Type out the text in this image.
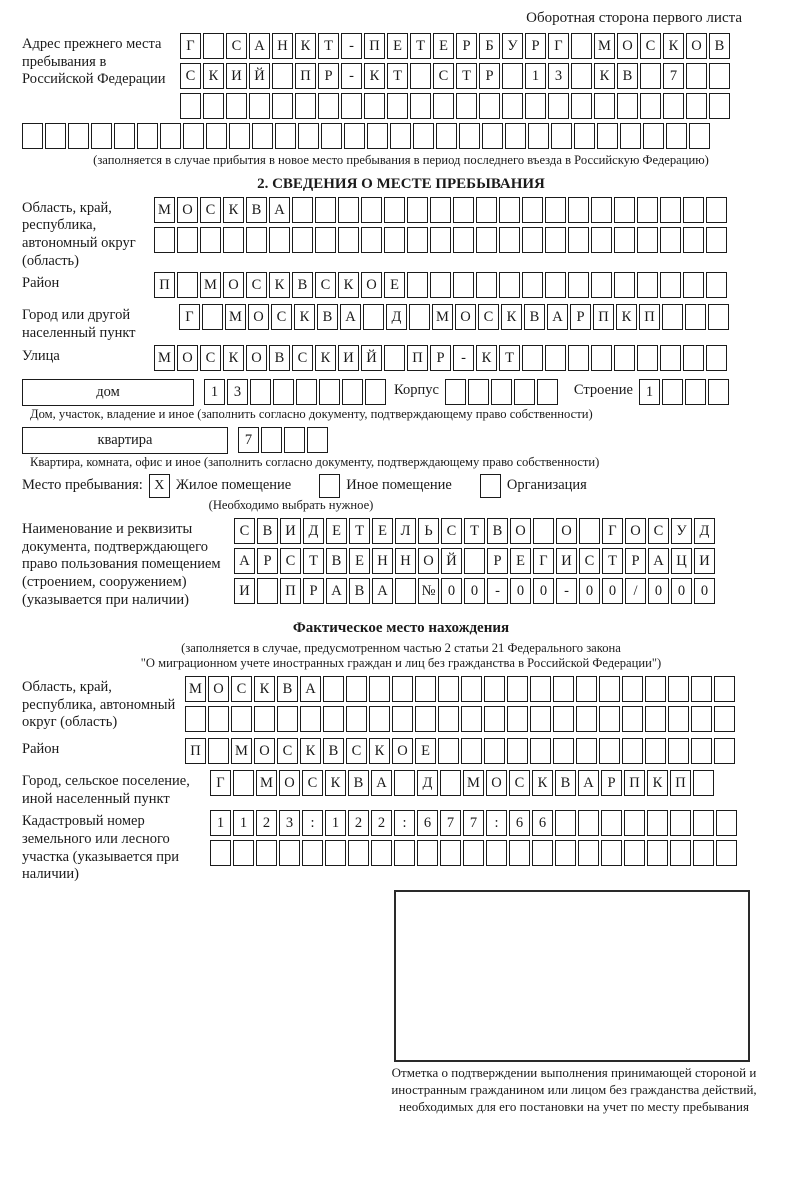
Оборотная сторона первого листа
Адрес прежнего места пребывания в Российской Федерации
Г	С А Н К Т - П Е Т Е Р Б У Р Г М О С К О В
С К И Й П Р - К Т	С Т Р	1 3	К В	7
(заполняется в случае прибытия в новое место пребывания в период последнего въезда в Российскую Федерацию)
2. СВЕДЕНИЯ О МЕСТЕ ПРЕБЫВАНИЯ
Область, край, республика, автономный округ (область)
М О С К В А
Район	П М О С К В С К О Е
Город или другой населенный пункт
Г М О С К В А Д М О С К В А Р П К П
Улица	М О С К О В С К И Й П Р - К Т
дом	1 3	Корпус	Строение 1
Дом, участок, владение и иное (заполнить согласно документу, подтверждающему право собственности)
квартира	7
Квартира, комната, офис и иное (заполнить согласно документу, подтверждающему право собственности)
Место пребывания: X Жилое помещение	Иное помещение	Организация
(Необходимо выбрать нужное)
Наименование и реквизиты документа, подтверждающего право пользования помещением (строением, сооружением) (указывается при наличии)
С В И Д Е Т Е Л Ь С Т В О О	Г О С У Д
А Р С Т В Е Н Н О Й	Р Е Г И С Т Р А Ц И
И П Р А В А № 0 0 - 0 0 - 0 0 / 0 0 0
Фактическое место нахождения
(заполняется в случае, предусмотренном частью 2 статьи 21 Федерального закона
"О миграционном учете иностранных граждан и лиц без гражданства в Российской Федерации")
Область, край, республика, автономный округ (область)
М О С К В А
Район	П М О С К В С К О Е
Город, сельское поселение, иной населенный пункт
Г М О С К В А Д М О С К В А Р П К П
Кадастровый номер земельного или лесного участка (указывается при наличии)
1 1 2 3 : 1 2 2 : 6 7 7 : 6 6
Отметка о подтверждении выполнения принимающей стороной и иностранным гражданином или лицом без гражданства действий, необходимых для его постановки на учет по месту пребывания
